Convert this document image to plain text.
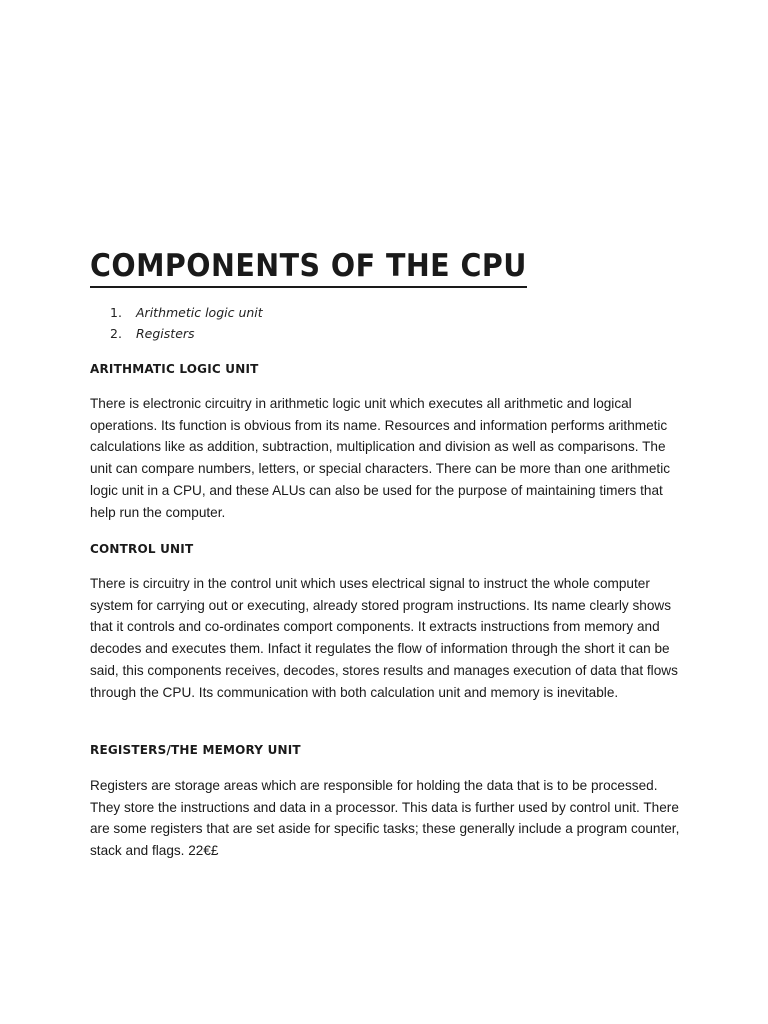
COMPONENTS OF THE CPU
1.	Arithmetic logic unit
2.	Registers
ARITHMATIC LOGIC UNIT

There is electronic circuitry in arithmetic logic unit which executes all arithmetic and logical operations. Its function is obvious from its name. Resources and information performs arithmetic calculations like as addition, subtraction, multiplication and division as well as comparisons. The unit can compare numbers, letters, or special characters. There can be more than one arithmetic logic unit in a CPU, and these ALUs can also be used for the purpose of maintaining timers that help run the computer.

CONTROL UNIT

There is circuitry in the control unit which uses electrical signal to instruct the whole computer system for carrying out or executing, already stored program instructions. Its name clearly shows that it controls and co-ordinates comport components. It extracts instructions from memory and decodes and executes them. Infact it regulates the flow of information through the short it can be said, this components receives, decodes, stores results and manages execution of data that flows through the CPU. Its communication with both calculation unit and memory is inevitable.

REGISTERS/THE MEMORY UNIT

Registers are storage areas which are responsible for holding the data that is to be processed. They store the instructions and data in a processor. This data is further used by control unit. There are some registers that are set aside for specific tasks; these generally include a program counter, stack and flags. 22€£
